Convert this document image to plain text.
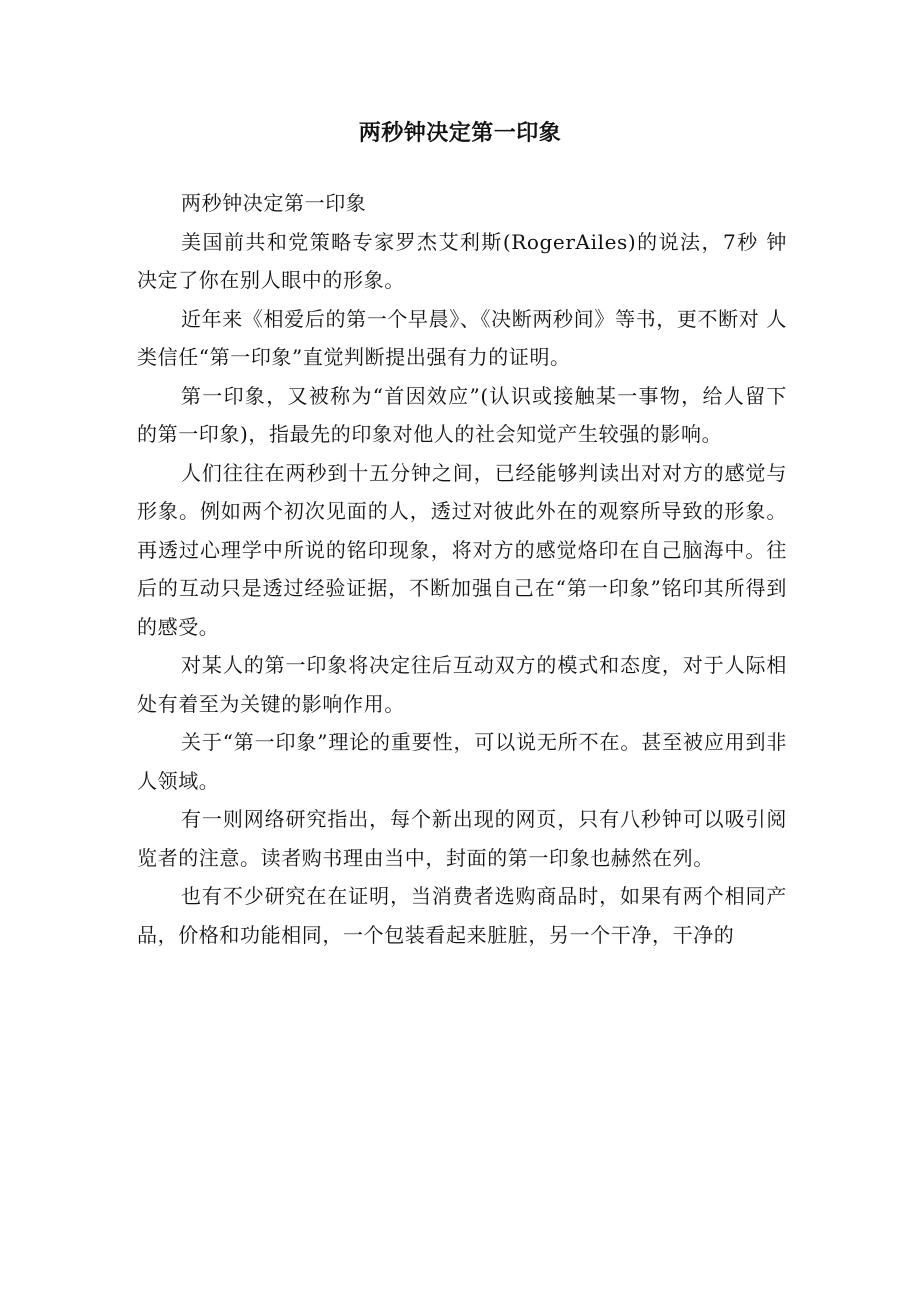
两秒钟决定第一印象

两秒钟决定第一印象

美国前共和党策略专家罗杰艾利斯(RogerAiles)的说法，7秒 钟决定了你在别人眼中的形象。

近年来《相爱后的第一个早晨》、《决断两秒间》等书，更不断对 人类信任“第一印象”直觉判断提出强有力的证明。

第一印象，又被称为“首因效应”(认识或接触某一事物，给人留下的第一印象)，指最先的印象对他人的社会知觉产生较强的影响。

人们往往在两秒到十五分钟之间，已经能够判读出对对方的感觉与形象。例如两个初次见面的人，透过对彼此外在的观察所导致的形象。再透过心理学中所说的铭印现象，将对方的感觉烙印在自己脑海中。往后的互动只是透过经验证据，不断加强自己在“第一印象”铭印其所得到的感受。

对某人的第一印象将决定往后互动双方的模式和态度，对于人际相处有着至为关键的影响作用。

关于“第一印象”理论的重要性，可以说无所不在。甚至被应用到非人领域。

有一则网络研究指出，每个新出现的网页，只有八秒钟可以吸引阅览者的注意。读者购书理由当中，封面的第一印象也赫然在列。

也有不少研究在在证明，当消费者选购商品时，如果有两个相同产品，价格和功能相同，一个包装看起来脏脏，另一个干净，干净的
